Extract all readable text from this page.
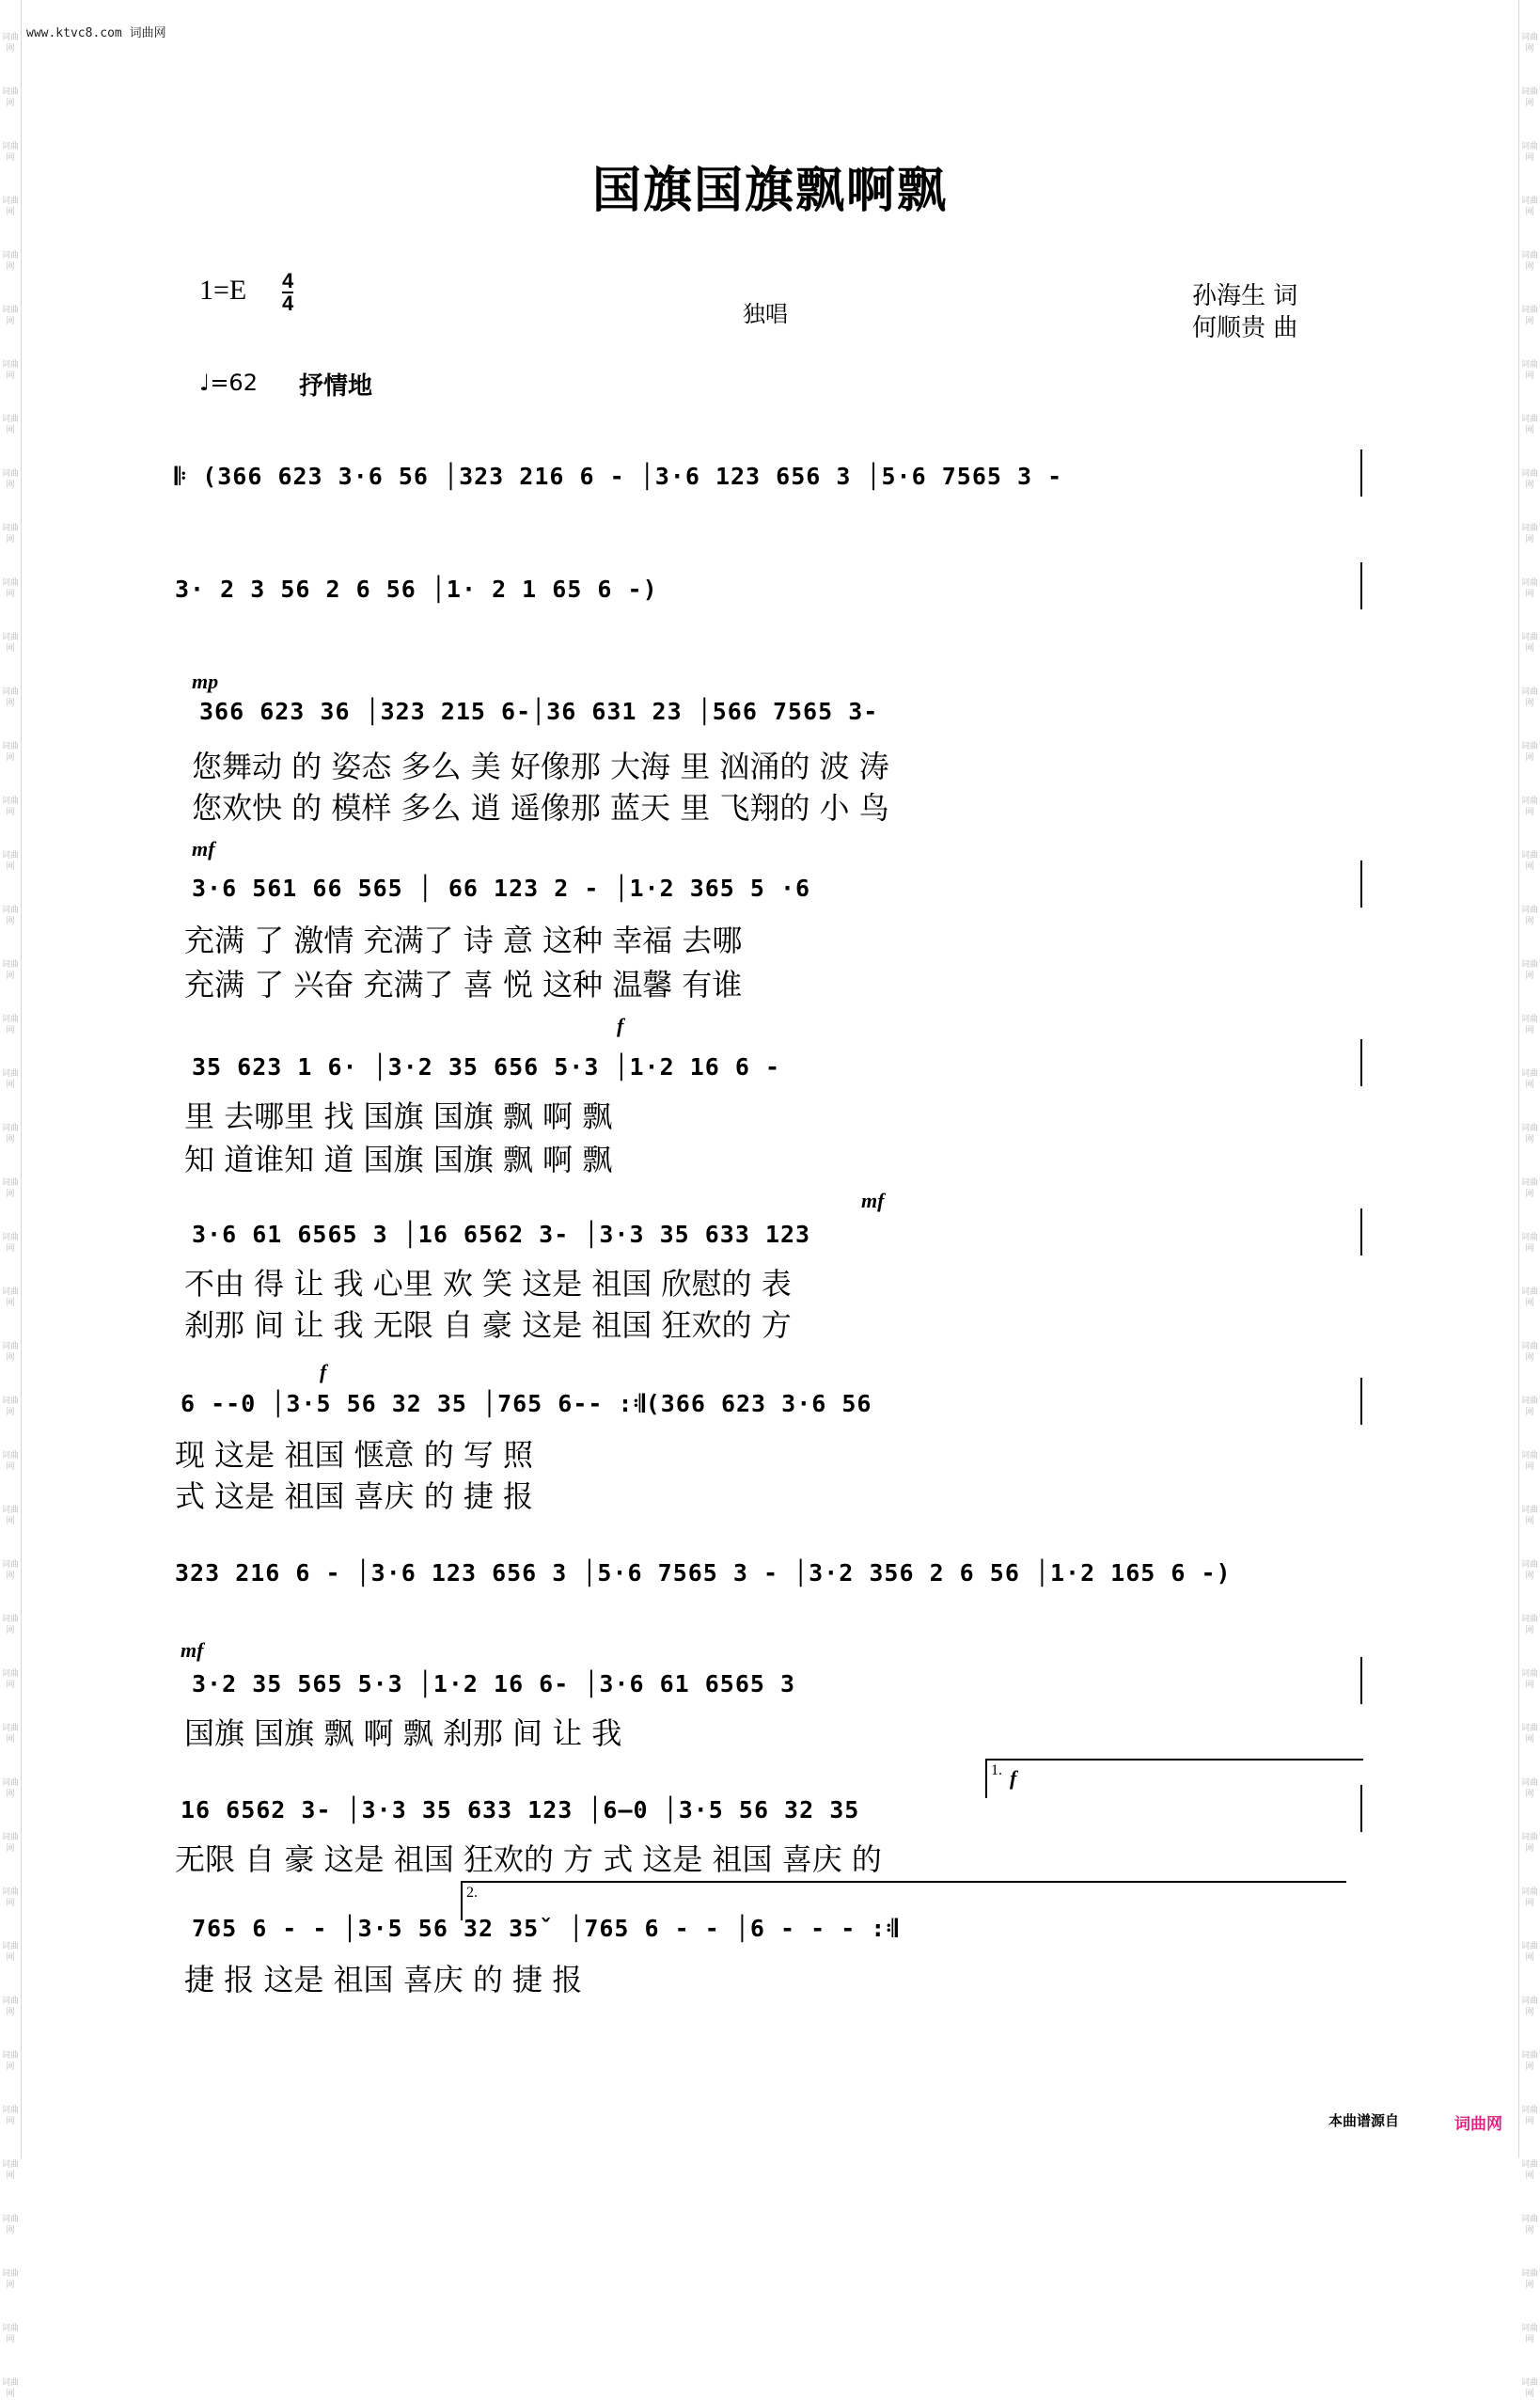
词曲网
词曲网
词曲网
词曲网
词曲网
词曲网
词曲网
词曲网
词曲网
词曲网
词曲网
词曲网
词曲网
词曲网
词曲网
词曲网
词曲网
词曲网
词曲网
词曲网
词曲网
词曲网
词曲网
词曲网
词曲网
词曲网
词曲网
词曲网
词曲网
词曲网
词曲网
词曲网
词曲网
词曲网
词曲网
词曲网
词曲网
词曲网
词曲网
词曲网
词曲网
词曲网
词曲网
词曲网
词曲网
词曲网
词曲网
词曲网
词曲网
词曲网
词曲网
词曲网
词曲网
词曲网
词曲网
词曲网
词曲网
词曲网
词曲网
词曲网
词曲网
词曲网
词曲网
词曲网
词曲网
词曲网
词曲网
词曲网
词曲网
词曲网
词曲网
词曲网
词曲网
词曲网
词曲网
词曲网
词曲网
词曲网
词曲网
词曲网
词曲网
词曲网
词曲网
词曲网
词曲网
词曲网
词曲网
词曲网
www.ktvc8.com 词曲网
国旗国旗飘啊飘
1=E 4
4	独唱
孙海生 词
何顺贵 曲
♩=62 抒情地
𝄆 (366 623 3·6 56 │323 216 6 - │3·6 123 656 3 │5·6 7565 3 -
3· 2 3 56 2 6 56 │1· 2 1 65 6 -)
mp
366 623 36 │323 215 6-│36 631 23 │566 7565 3-
您舞动 的 姿态 多么 美 好像那 大海 里 汹涌的 波 涛
您欢快 的 模样 多么 逍 遥像那 蓝天 里 飞翔的 小 鸟
mf
3·6 561 66 565 │ 66 123 2 - │1·2 365 5 ·6
充满 了 激情 充满了 诗 意 这种 幸福 去哪
充满 了 兴奋 充满了 喜 悦 这种 温馨 有谁
f
35 623 1 6· │3·2 35 656 5·3 │1·2 16 6 -
里 去哪里 找 国旗 国旗 飘 啊 飘
知 道谁知 道 国旗 国旗 飘 啊 飘
mf
3·6 61 6565 3 │16 6562 3- │3·3 35 633 123
不由 得 让 我 心里 欢 笑 这是 祖国 欣慰的 表
刹那 间 让 我 无限 自 豪 这是 祖国 狂欢的 方
f
6 --0 │3·5 56 32 35 │765 6-- :𝄇(366 623 3·6 56
现 这是 祖国 惬意 的 写 照
式 这是 祖国 喜庆 的 捷 报
323 216 6 - │3·6 123 656 3 │5·6 7565 3 - │3·2 356 2 6 56 │1·2 165 6 -)
mf
3·2 35 565 5·3 │1·2 16 6- │3·6 61 6565 3
国旗 国旗 飘 啊 飘 刹那 间 让 我
1. f
16 6562 3- │3·3 35 633 123 │6—0 │3·5 56 32 35
无限 自 豪 这是 祖国 狂欢的 方 式 这是 祖国 喜庆 的
2.
765 6 - - │3·5 56 32 35ˇ │765 6 - - │6 - - - :𝄇
捷 报 这是 祖国 喜庆 的 捷 报
本曲谱源自	词曲网
